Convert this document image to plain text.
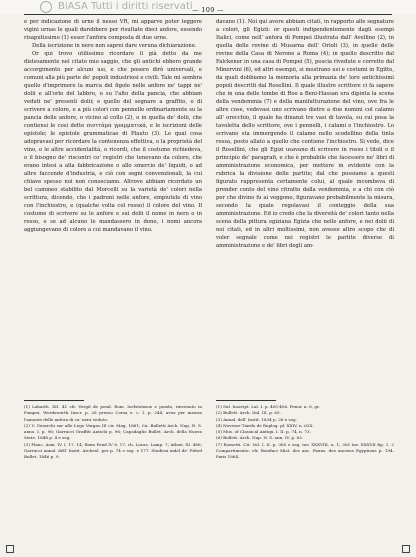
BiASA Tutti i diritti riservati — 109 —

e per indicazione di urne il nesso VR, mi apparve poter leggere vigini urnas le quali darebbero per risultato dieci anfore, essendo risaputissimo (1) esser l'anfora composta di due urne.

Della iscrizione in nero non saprei dare veruna dichiarazione.

Or qui trovo utilissimo ricordare il già detto da me distesamente nel citato mio saggio, che gli antichi ebbero grande accorgimento per alcuni usi, e che posero dirò universali, e comuni alla più parte de' popoli industriosi e civili. Tale mi sembra quello d'imprimere la marca del figolo nelle anfore ne' tappi ne' dolii e all'orlo del labbro, o su l'alto della pancia, che abbiam veduti ne' presenti dolii; e quello del segnare a graffito, o di scrivere a colore, e a più colori con pennello ordinariamente su la pancia delle anfore, o vicino al collo (2), o in quella de' dolii, che contiensi le cosi dette πινττάμα γραμματικά, e le iscrizioni delle epistole; le epistole grammaticae di Plauto (3). Le qual cosa adopravasi per ricordare la contenenza effettiva, o la proprietà del vino, o le altre accidentalità, o ricordi, che il costume richiedeva, o il bisogno de' riscontri co' registri che tenevano da coloro, che erano intesi a alla fabbricazione o allo smercio de' liquidi, o ad altre faccende d'industria, e ciò con segni convenzionali, la cui chiave spesso noi non conosciamo. Altrove abbiam ricordato un bel cammeo stabilito dal Morcelli su la varietà de' colori nella scrittura, dicendo, che i padroni nelle anfore, empiutele di vino con l'inchiostro, e (qualche volta col rosso) il colore del vino. Il costume di scrivere su le anfore e sui dolii il nome in nero o in rosso, e se ad alcuno le mandassero in dono, i nomi ancora aggiungevano di colore a cui mandavano il vino.

(1) Labarth. XII. 41 cfr. Vergil de pond. Rom. Ioelsteinsoe e pondo, rinvenuto in Pompei, Wordsworth Inscr. p. 26 presso Corsa e. c. I. p. 244, avea per misura l'amonte delle anfora di cu' nera veduto.
(2) V. Gerarchi sur alle Lego Vargas III cir. Mag. 1861; Ca. Bulletti Arch. Nap. N. S. anno. I. p. 96; Garrucci Graffiti Antichi p. 96; Capodaglio Bullet. Arch. della Nuova Serie. 1848 p. 4 e seg.
(3) Planc. Asin. IV. I. 17. 14; Iliem Pend IV 6. 17, ch. Lucas. Lamp. 7; Athen. XI. 466; Garrucci annal. dell' Instit. Archeol. per p. 74 e seg. e 177. Studiosi mdel de' Pitted Bullet. 1846 p. 9.

davano (1). Noi qui avere abbiam citati, in rapporto alle segnature a colori, gli Egizii: or questi indipendentemente dagli esempi Italici, come nell' anfora di Pompei illustrata dall' Avellino (2), in quella delle rovine di Musarna dell' Orioli (3), in quelle delle rovine della Casa di Nerone a Roma (4); in quello descritto dal Falckener in una casa di Pompei (5), poscia rivedute e corrette dal Minervini (6), ed altri esempii, si mostrano usi e costumi in Egitto, da quali dobbiamo la memoria alla primazia de' loro antichissimi popoli descritti dal Rosellini. Il quale illustre scrittore ci fa sapere che in una delle tombe di Roo a Beni-Hassan era dipinta la scena della vendemmia (7) e della manifatturazione del vino, ove fra le altre cose, vedevasi uno scrivano dietro a due nomini col calamo all' orecchio, il quale ha dinanzi tre vasi di tavola, su cui posa la tavoletta dello scrittore, ove i pennelli, i calami e l'inchiostro. Lo scrivano sta immergendo il calamo nello scodellino della tinta rossa, posto allato a quello che contiene l'inchiostro. Si vede, dice il Rosellini, che gli Egizi usavano di scrivere in rosso i titoli o il principio de' paragrafi, e che è probabile che facessero ne' libri di amministrazione economica, per mettere in evidente con la rubrica la divisione delle partite; dal che possiamo a questi figurato rappresenta certamente colui, al quale incombeva di prender conto del vino ritratto dalla vendemmia, e a chi con ciò per che divino fu ai veggono, figuravano probabilmente la misura, secondo la quale regolavasi il conteggio della sua amministrazione. Ed io credo che la diversità de' colori tanto nella scena della pittura egiziana Egizia che nelle anfore, e nei dolii di noi citati, ed in altri moltissimi, non avesse altro scopo che di voler segnale come nei registri le partite diverse di amministrazione e de' libri degli am-

(1) Sul. Inscript. Lat. I. p. 405-406. Penor. n. 6, gr.
(2) Bullett. Arch. Ital. III. p. 65.
(3) Annal. dell' Instit. 1834 p. 26 e seg.
(4) Novesse Tiardo de Roplog. pl. XXIV, n. 62X.
(5) Mus. of Classical Antiqu. I. II. p. 74, n. 73.
(6) Bullett. Arch. Nap. N. S. ann. IV. p. 83.
(7) Rossetti. Cit. Vol. I. II. p. 365 e seg. tav. XXXVIII, n. 1; 305 tav. XXXVII fig. 1, 2 Compartimento: cfr. Bonifaci Mist. des anc. Fauns. des anciens Egyptiens p. 194. Paris 1864.
